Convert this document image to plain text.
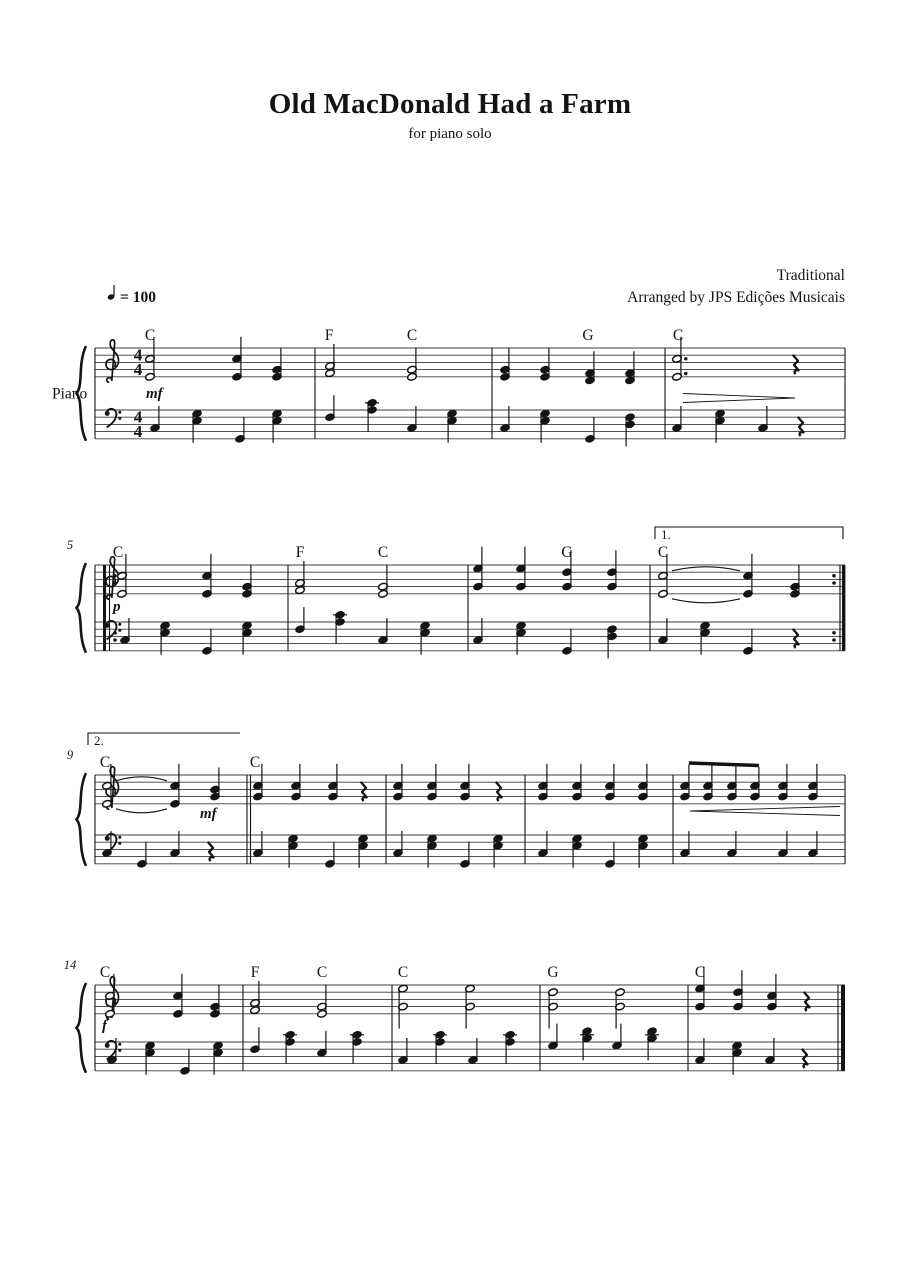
Old MacDonald Had a Farm
for piano solo
Traditional
Arranged by JPS Edições Musicais
4
4
4
4
Piano
C	F	C	G	C
mf
5	C	F	C	G	C
p
1.
9 C	C
mf
2.
14 C	F	C	C	G	C
f
= 100
